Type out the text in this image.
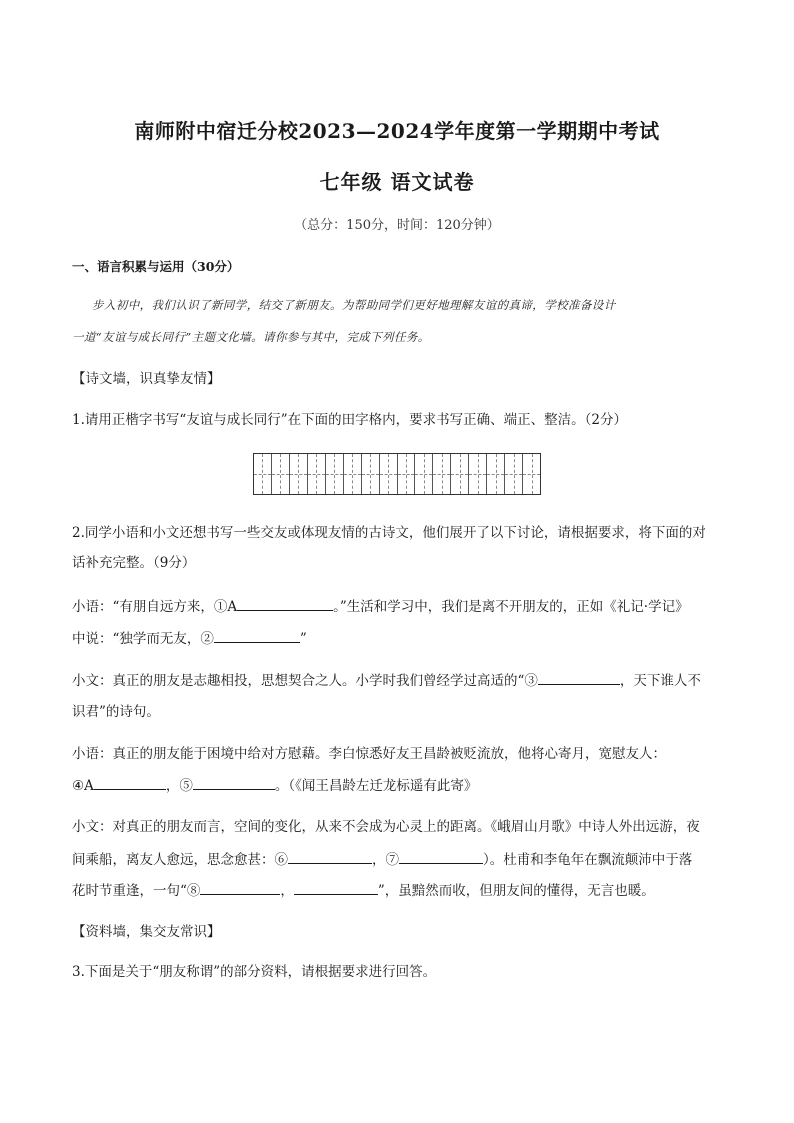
南师附中宿迁分校2023—2024学年度第一学期期中考试
七年级 语文试卷
（总分：150分，时间：120分钟）
一、语言积累与运用（30分）
步入初中，我们认识了新同学，结交了新朋友。为帮助同学们更好地理解友谊的真谛，学校准备设计
一道“友谊与成长同行”主题文化墙。请你参与其中，完成下列任务。
【诗文墙，识真挚友情】
1.请用正楷字书写“友谊与成长同行”在下面的田字格内，要求书写正确、端正、整洁。（2分）
2.同学小语和小文还想书写一些交友或体现友情的古诗文，他们展开了以下讨论，请根据要求，将下面的对
话补充完整。（9分）
小语：“有朋自远方来，①A	。”生活和学习中，我们是离不开朋友的，正如《礼记·学记》
中说：“独学而无友，②	”
小文：真正的朋友是志趣相投，思想契合之人。小学时我们曾经学过高适的“③	，天下谁人不
识君”的诗句。
小语：真正的朋友能于困境中给对方慰藉。李白惊悉好友王昌龄被贬流放，他将心寄月，宽慰友人：
④A	，⑤	。（《闻王昌龄左迁龙标遥有此寄》
小文：对真正的朋友而言，空间的变化，从来不会成为心灵上的距离。《峨眉山月歌》中诗人外出远游，夜
间乘船，离友人愈远，思念愈甚：⑥	，⑦	）。杜甫和李龟年在飘流颠沛中于落
花时节重逢，一句“⑧	，	”，虽黯然而收，但朋友间的懂得，无言也暖。
【资料墙，集交友常识】
3.下面是关于“朋友称谓”的部分资料，请根据要求进行回答。
